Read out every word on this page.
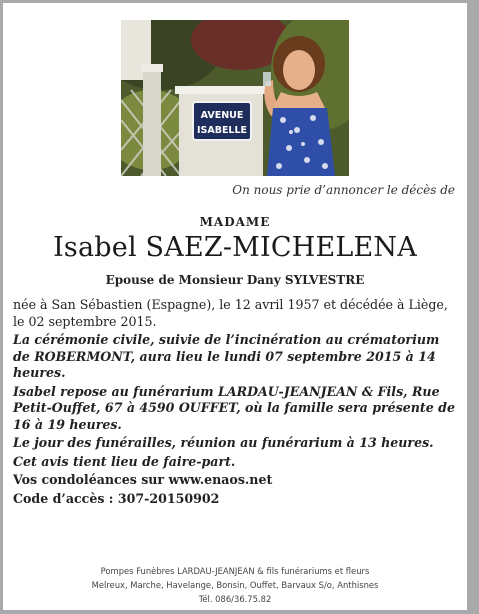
AVENUE
ISABELLE
On nous prie d’annoncer le décès de
MADAME
Isabel SAEZ-MICHELENA
Epouse de Monsieur Dany SYLVESTRE

née à San Sébastien (Espagne), le 12 avril 1957 et décédée à Liège, le 02 septembre 2015.

La cérémonie civile, suivie de l’incinération au crématorium de ROBERMONT, aura lieu le lundi 07 septembre 2015 à 14 heures.

Isabel repose au funérarium LARDAU-JEANJEAN & Fils, Rue Petit-Ouffet, 67 à 4590 OUFFET, où la famille sera présente de 16 à 19 heures.

Le jour des funérailles, réunion au funérarium à 13 heures.

Cet avis tient lieu de faire-part.

Vos condoléances sur www.enaos.net

Code d’accès : 307-20150902

Pompes Funèbres LARDAU-JEANJEAN & fils funérariums et fleurs
Melreux, Marche, Havelange, Bonsin, Ouffet, Barvaux S/o, Anthisnes
Tél. 086/36.75.82
